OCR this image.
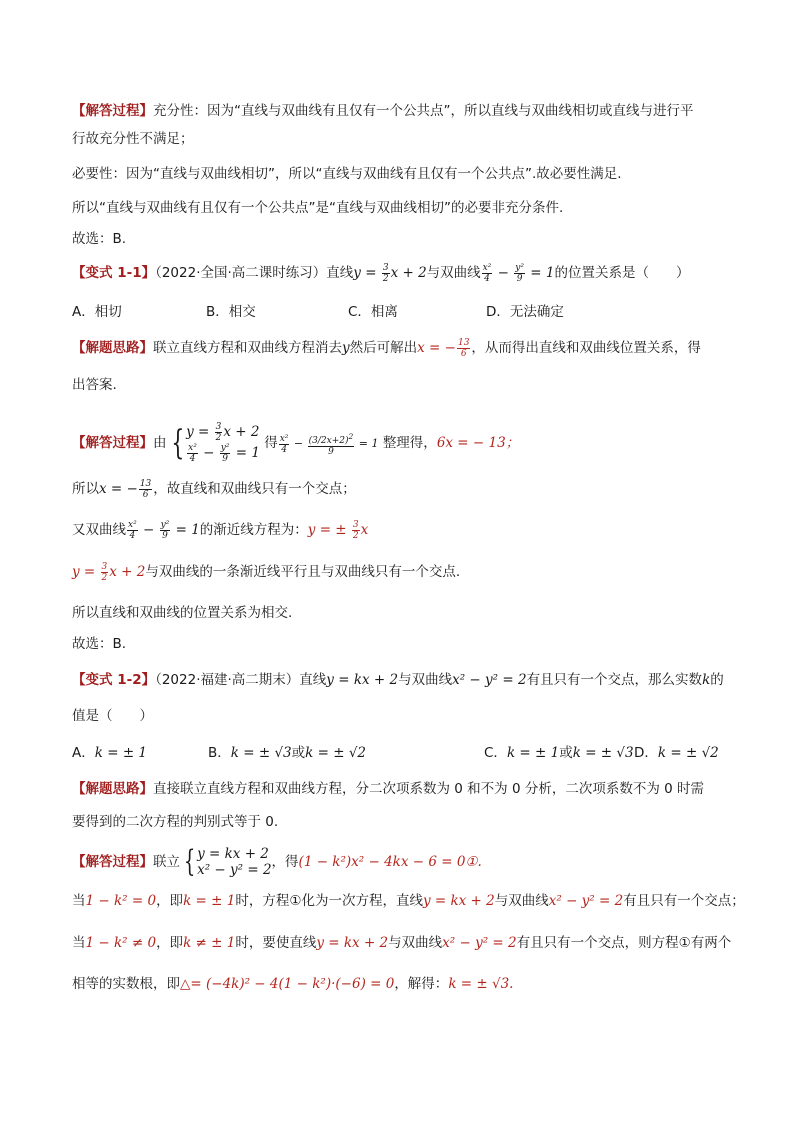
【解答过程】充分性：因为“直线与双曲线有且仅有一个公共点”，所以直线与双曲线相切或直线与进行平
行故充分性不满足；
必要性：因为“直线与双曲线相切”，所以“直线与双曲线有且仅有一个公共点”.故必要性满足.
所以“直线与双曲线有且仅有一个公共点”是“直线与双曲线相切”的必要非充分条件.
故选：B.
【变式 1-1】（2022·全国·高二课时练习）直线$y = \frac{3}{2}$ x + 2与双曲线 $\frac{\text{x²}}{4} - \frac{\text{y²}}{9} = 1$的位置关系是（　　）
A．相切	B．相交	C．相离	D．无法确定
【解题思路】联立直线方程和双曲线方程消去y然后可解出x = − $\frac{13}{6}$ ，从而得出直线和双曲线位置关系，得
出答案.
【解答过程】由 { $y = \frac{3}{2}$ x + 2
$\frac{\text{x²}}{4} - \frac{\text{y²}}{9} = 1$
得 $\frac{\text{x²}}{4} - \frac{(3/2x+2)^2}{9} = 1$ 整理得，6x = − 13；
所以x = − $\frac{13}{6}$ ，故直线和双曲线只有一个交点；
又双曲线 $\frac{\text{x²}}{4} - \frac{\text{y²}}{9} = 1$的渐近线方程为：y = ± $\frac{3}{2}$ x
$y = \frac{3}{2}$ x + 2与双曲线的一条渐近线平行且与双曲线只有一个交点.
所以直线和双曲线的位置关系为相交.
故选：B.
【变式 1-2】（2022·福建·高二期末）直线y = kx + 2与双曲线x² − y² = 2有且只有一个交点，那么实数k的
值是（　　）
A．k = ± 1	B．k = ± √3或k = ± √2	C．k = ± 1或k = ± √3 D．k = ± √2
【解题思路】直接联立直线方程和双曲线方程，分二次项系数为 0 和不为 0 分析，二次项系数不为 0 时需
要得到的二次方程的判别式等于 0.
【解答过程】联立 { y = kx + 2
x² − y² = 2 ，得(1 − k²)x² − 4kx − 6 = 0①.
当1 − k² = 0，即k = ± 1时，方程①化为一次方程，直线y = kx + 2与双曲线x² − y² = 2有且只有一个交点；
当1 − k² ≠ 0，即k ≠ ± 1时，要使直线y = kx + 2与双曲线x² − y² = 2有且只有一个交点，则方程①有两个
相等的实数根，即△= (−4k)² − 4(1 − k²)·(−6) = 0，解得：k = ± √3.
